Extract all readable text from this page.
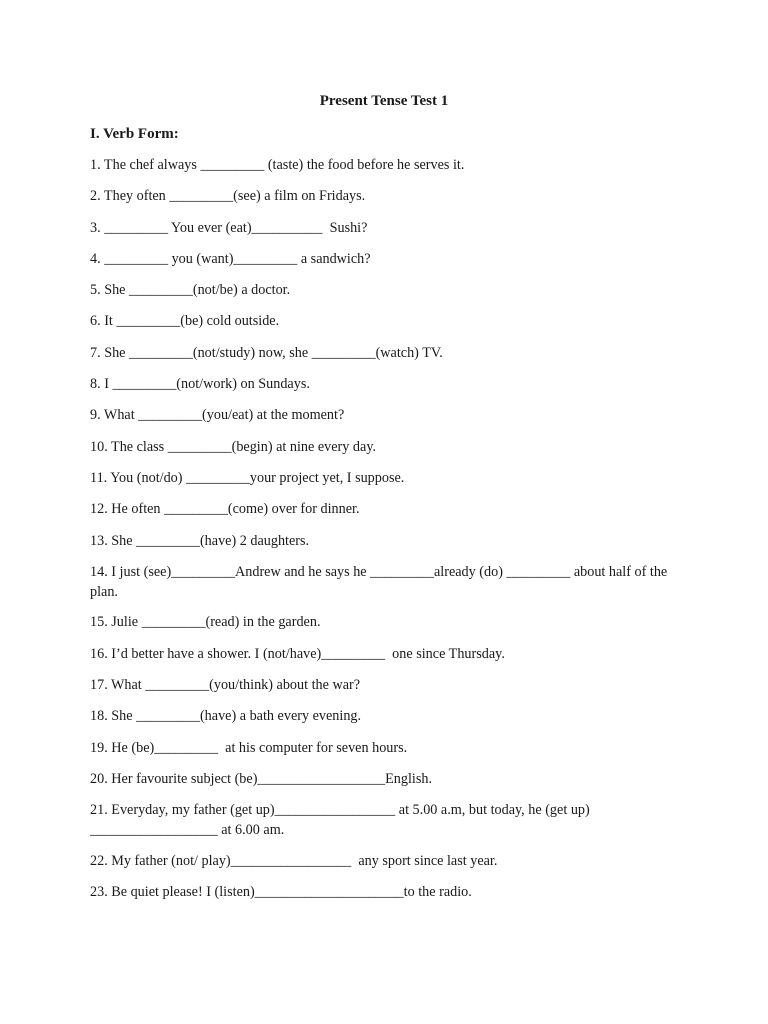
Present Tense Test 1
I. Verb Form:
1. The chef always _________ (taste) the food before he serves it.
2. They often _________(see) a film on Fridays.
3. _________ You ever (eat)__________  Sushi?
4. _________ you (want)_________ a sandwich?
5. She _________(not/be) a doctor.
6. It _________(be) cold outside.
7. She _________(not/study) now, she _________(watch) TV.
8. I _________(not/work) on Sundays.
9. What _________(you/eat) at the moment?
10. The class _________(begin) at nine every day.
11. You (not/do) _________your project yet, I suppose.
12. He often _________(come) over for dinner.
13. She _________(have) 2 daughters.
14. I just (see)_________Andrew and he says he _________already (do) _________ about half of the plan.
15. Julie _________(read) in the garden.
16. I’d better have a shower. I (not/have)_________  one since Thursday.
17. What _________(you/think) about the war?
18. She _________(have) a bath every evening.
19. He (be)_________  at his computer for seven hours.
20. Her favourite subject (be)__________________English.
21. Everyday, my father (get up)_________________ at 5.00 a.m, but today, he (get up) __________________ at 6.00 am.
22. My father (not/ play)_________________  any sport since last year.
23. Be quiet please! I (listen)_____________________to the radio.
